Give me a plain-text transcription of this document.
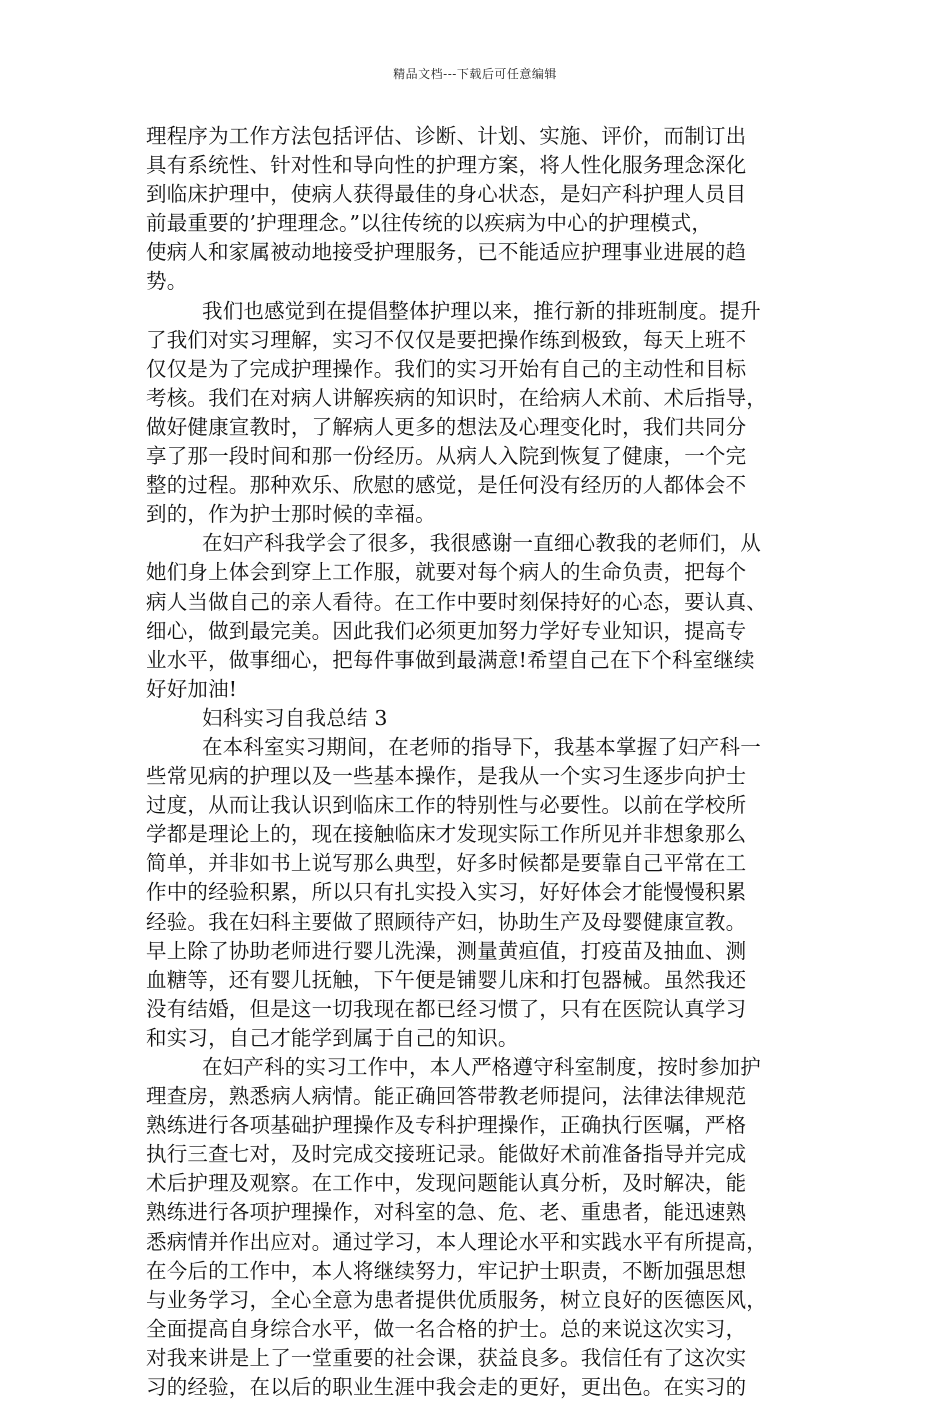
精品文档---下载后可任意编辑
理程序为工作方法包括评估、诊断、计划、实施、评价，而制订出
具有系统性、针对性和导向性的护理方案，将人性化服务理念深化
到临床护理中，使病人获得最佳的身心状态，是妇产科护理人员目
前最重要的’护理理念。”以往传统的以疾病为中心的护理模式，
使病人和家属被动地接受护理服务，已不能适应护理事业进展的趋
势。
我们也感觉到在提倡整体护理以来，推行新的排班制度。提升
了我们对实习理解，实习不仅仅是要把操作练到极致，每天上班不
仅仅是为了完成护理操作。我们的实习开始有自己的主动性和目标
考核。我们在对病人讲解疾病的知识时，在给病人术前、术后指导，
做好健康宣教时，了解病人更多的想法及心理变化时，我们共同分
享了那一段时间和那一份经历。从病人入院到恢复了健康，一个完
整的过程。那种欢乐、欣慰的感觉，是任何没有经历的人都体会不
到的，作为护士那时候的幸福。
在妇产科我学会了很多，我很感谢一直细心教我的老师们，从
她们身上体会到穿上工作服，就要对每个病人的生命负责，把每个
病人当做自己的亲人看待。在工作中要时刻保持好的心态，要认真、
细心，做到最完美。因此我们必须更加努力学好专业知识，提高专
业水平，做事细心，把每件事做到最满意!希望自己在下个科室继续
好好加油!
妇科实习自我总结 3
在本科室实习期间，在老师的指导下，我基本掌握了妇产科一
些常见病的护理以及一些基本操作，是我从一个实习生逐步向护士
过度，从而让我认识到临床工作的特别性与必要性。以前在学校所
学都是理论上的，现在接触临床才发现实际工作所见并非想象那么
简单，并非如书上说写那么典型，好多时候都是要靠自己平常在工
作中的经验积累，所以只有扎实投入实习，好好体会才能慢慢积累
经验。我在妇科主要做了照顾待产妇，协助生产及母婴健康宣教。
早上除了协助老师进行婴儿洗澡，测量黄疸值，打疫苗及抽血、测
血糖等，还有婴儿抚触，下午便是铺婴儿床和打包器械。虽然我还
没有结婚，但是这一切我现在都已经习惯了，只有在医院认真学习
和实习，自己才能学到属于自己的知识。
在妇产科的实习工作中，本人严格遵守科室制度，按时参加护
理查房，熟悉病人病情。能正确回答带教老师提问，法律法律规范
熟练进行各项基础护理操作及专科护理操作，正确执行医嘱，严格
执行三查七对，及时完成交接班记录。能做好术前准备指导并完成
术后护理及观察。在工作中，发现问题能认真分析，及时解决，能
熟练进行各项护理操作，对科室的急、危、老、重患者，能迅速熟
悉病情并作出应对。通过学习，本人理论水平和实践水平有所提高，
在今后的工作中，本人将继续努力，牢记护士职责，不断加强思想
与业务学习，全心全意为患者提供优质服务，树立良好的医德医风，
全面提高自身综合水平，做一名合格的护士。总的来说这次实习，
对我来讲是上了一堂重要的社会课，获益良多。我信任有了这次实
习的经验，在以后的职业生涯中我会走的更好，更出色。在实习的
